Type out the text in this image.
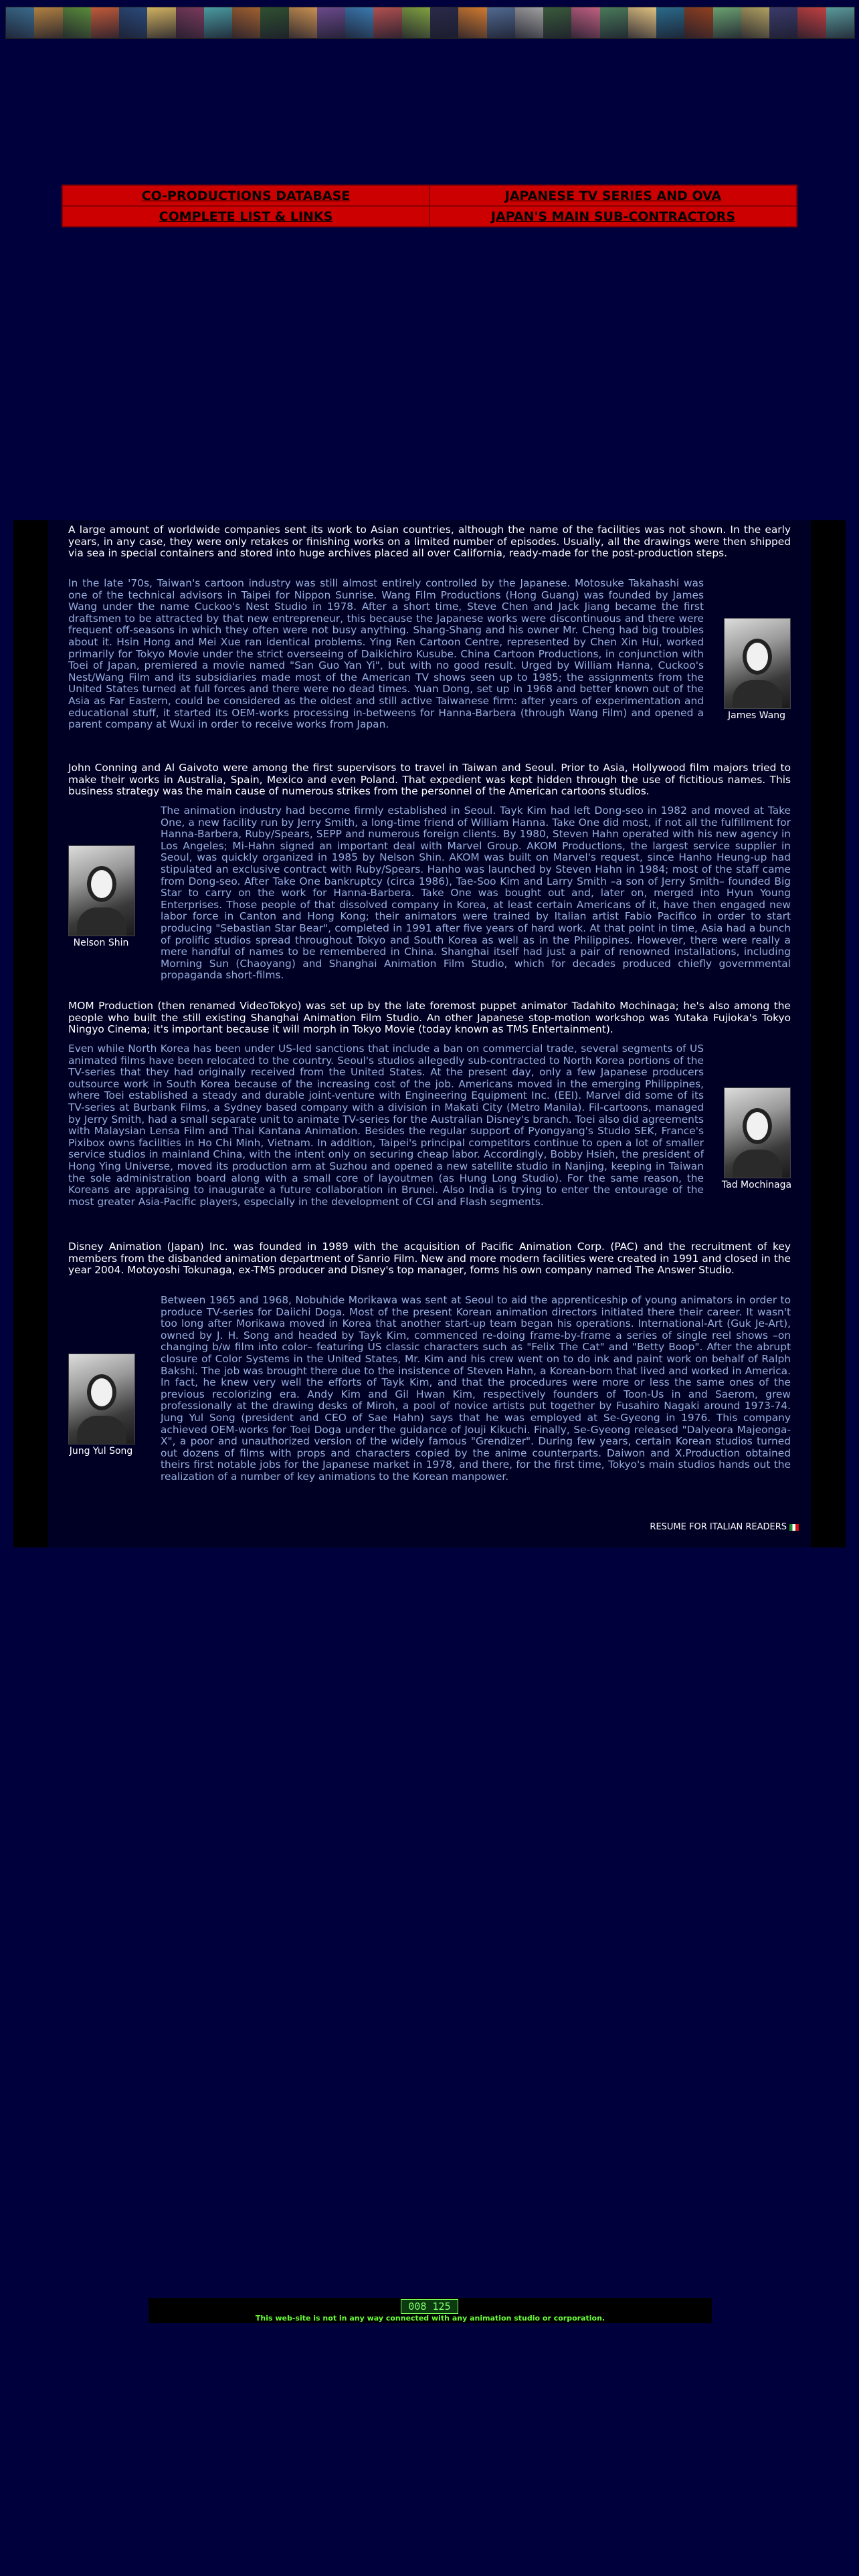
CO-PRODUCTIONS DATABASE	JAPANESE TV SERIES AND OVA
COMPLETE LIST & LINKS	JAPAN'S MAIN SUB-CONTRACTORS

A large amount of worldwide companies sent its work to Asian countries, although the name of the facilities was not shown. In the early years, in any case, they were only retakes or finishing works on a limited number of episodes. Usually, all the drawings were then shipped via sea in special containers and stored into huge archives placed all over California, ready-made for the post-production steps.

In the late '70s, Taiwan's cartoon industry was still almost entirely controlled by the Japanese. Motosuke Takahashi was one of the technical advisors in Taipei for Nippon Sunrise. Wang Film Productions (Hong Guang) was founded by James Wang under the name Cuckoo's Nest Studio in 1978. After a short time, Steve Chen and Jack Jiang became the first draftsmen to be attracted by that new entrepreneur, this because the Japanese works were discontinuous and there were frequent off-seasons in which they often were not busy anything. Shang-Shang and his owner Mr. Cheng had big troubles about it. Hsin Hong and Mei Xue ran identical problems. Ying Ren Cartoon Centre, represented by Chen Xin Hui, worked primarily for Tokyo Movie under the strict overseeing of Daikichiro Kusube. China Cartoon Productions, in conjunction with Toei of Japan, premiered a movie named "San Guo Yan Yi", but with no good result. Urged by William Hanna, Cuckoo's Nest/Wang Film and its subsidiaries made most of the American TV shows seen up to 1985; the assignments from the United States turned at full forces and there were no dead times. Yuan Dong, set up in 1968 and better known out of the Asia as Far Eastern, could be considered as the oldest and still active Taiwanese firm: after years of experimentation and educational stuff, it started its OEM-works processing in-betweens for Hanna-Barbera (through Wang Film) and opened a parent company at Wuxi in order to receive works from Japan.

James Wang

John Conning and Al Gaivoto were among the first supervisors to travel in Taiwan and Seoul. Prior to Asia, Hollywood film majors tried to make their works in Australia, Spain, Mexico and even Poland. That expedient was kept hidden through the use of fictitious names. This business strategy was the main cause of numerous strikes from the personnel of the American cartoons studios.

Nelson Shin

The animation industry had become firmly established in Seoul. Tayk Kim had left Dong-seo in 1982 and moved at Take One, a new facility run by Jerry Smith, a long-time friend of William Hanna. Take One did most, if not all the fulfillment for Hanna-Barbera, Ruby/Spears, SEPP and numerous foreign clients. By 1980, Steven Hahn operated with his new agency in Los Angeles; Mi-Hahn signed an important deal with Marvel Group. AKOM Productions, the largest service supplier in Seoul, was quickly organized in 1985 by Nelson Shin. AKOM was built on Marvel's request, since Hanho Heung-up had stipulated an exclusive contract with Ruby/Spears. Hanho was launched by Steven Hahn in 1984; most of the staff came from Dong-seo. After Take One bankruptcy (circa 1986), Tae-Soo Kim and Larry Smith –a son of Jerry Smith– founded Big Star to carry on the work for Hanna-Barbera. Take One was bought out and, later on, merged into Hyun Young Enterprises. Those people of that dissolved company in Korea, at least certain Americans of it, have then engaged new labor force in Canton and Hong Kong; their animators were trained by Italian artist Fabio Pacifico in order to start producing "Sebastian Star Bear", completed in 1991 after five years of hard work. At that point in time, Asia had a bunch of prolific studios spread throughout Tokyo and South Korea as well as in the Philippines. However, there were really a mere handful of names to be remembered in China. Shanghai itself had just a pair of renowned installations, including Morning Sun (Chaoyang) and Shanghai Animation Film Studio, which for decades produced chiefly governmental propaganda short-films.

MOM Production (then renamed VideoTokyo) was set up by the late foremost puppet animator Tadahito Mochinaga; he's also among the people who built the still existing Shanghai Animation Film Studio. An other Japanese stop-motion workshop was Yutaka Fujioka's Tokyo Ningyo Cinema; it's important because it will morph in Tokyo Movie (today known as TMS Entertainment).

Even while North Korea has been under US-led sanctions that include a ban on commercial trade, several segments of US animated films have been relocated to the country. Seoul's studios allegedly sub-contracted to North Korea portions of the TV-series that they had originally received from the United States. At the present day, only a few Japanese producers outsource work in South Korea because of the increasing cost of the job. Americans moved in the emerging Philippines, where Toei established a steady and durable joint-venture with Engineering Equipment Inc. (EEI). Marvel did some of its TV-series at Burbank Films, a Sydney based company with a division in Makati City (Metro Manila). Fil-cartoons, managed by Jerry Smith, had a small separate unit to animate TV-series for the Australian Disney's branch. Toei also did agreements with Malaysian Lensa Film and Thai Kantana Animation. Besides the regular support of Pyongyang's Studio SEK, France's Pixibox owns facilities in Ho Chi Minh, Vietnam. In addition, Taipei's principal competitors continue to open a lot of smaller service studios in mainland China, with the intent only on securing cheap labor. Accordingly, Bobby Hsieh, the president of Hong Ying Universe, moved its production arm at Suzhou and opened a new satellite studio in Nanjing, keeping in Taiwan the sole administration board along with a small core of layoutmen (as Hung Long Studio). For the same reason, the Koreans are appraising to inaugurate a future collaboration in Brunei. Also India is trying to enter the entourage of the most greater Asia-Pacific players, especially in the development of CGI and Flash segments.

Tad Mochinaga

Disney Animation (Japan) Inc. was founded in 1989 with the acquisition of Pacific Animation Corp. (PAC) and the recruitment of key members from the disbanded animation department of Sanrio Film. New and more modern facilities were created in 1991 and closed in the year 2004. Motoyoshi Tokunaga, ex-TMS producer and Disney's top manager, forms his own company named The Answer Studio.

Jung Yul Song

Between 1965 and 1968, Nobuhide Morikawa was sent at Seoul to aid the apprenticeship of young animators in order to produce TV-series for Daiichi Doga. Most of the present Korean animation directors initiated there their career. It wasn't too long after Morikawa moved in Korea that another start-up team began his operations. International-Art (Guk Je-Art), owned by J. H. Song and headed by Tayk Kim, commenced re-doing frame-by-frame a series of single reel shows –on changing b/w film into color– featuring US classic characters such as "Felix The Cat" and "Betty Boop". After the abrupt closure of Color Systems in the United States, Mr. Kim and his crew went on to do ink and paint work on behalf of Ralph Bakshi. The job was brought there due to the insistence of Steven Hahn, a Korean-born that lived and worked in America. In fact, he knew very well the efforts of Tayk Kim, and that the procedures were more or less the same ones of the previous recolorizing era. Andy Kim and Gil Hwan Kim, respectively founders of Toon-Us in and Saerom, grew professionally at the drawing desks of Miroh, a pool of novice artists put together by Fusahiro Nagaki around 1973-74. Jung Yul Song (president and CEO of Sae Hahn) says that he was employed at Se-Gyeong in 1976. This company achieved OEM-works for Toei Doga under the guidance of Jouji Kikuchi. Finally, Se-Gyeong released "Dalyeora Majeonga-X", a poor and unauthorized version of the widely famous "Grendizer". During few years, certain Korean studios turned out dozens of films with props and characters copied by the anime counterparts. Daiwon and X.Production obtained theirs first notable jobs for the Japanese market in 1978, and there, for the first time, Tokyo's main studios hands out the realization of a number of key animations to the Korean manpower.

RESUME FOR ITALIAN READERS
008 125
This web-site is not in any way connected with any animation studio or corporation.
